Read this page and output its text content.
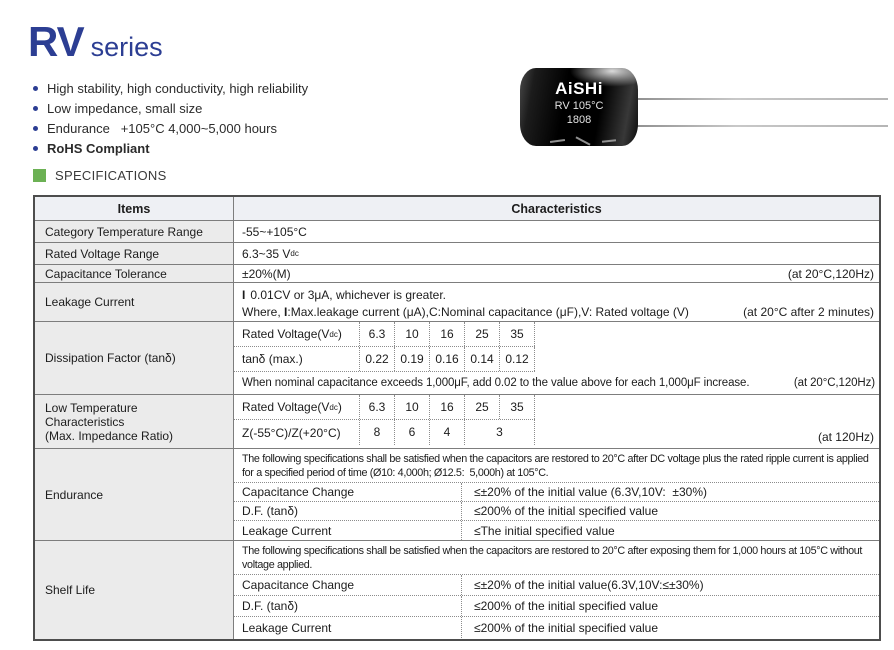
RV series
High stability, high conductivity, high reliability
Low impedance, small size
Endurance   +105°C 4,000~5,000 hours
RoHS Compliant
AiSHi
RV 105°C
1808
SPECIFICATIONS
Items	Characteristics
Category Temperature Range	-55~+105°C
Rated Voltage Range	6.3~35 V dc
Capacitance Tolerance	±20%(M)	(at 20°C,120Hz)
Leakage Current	I 0.01CV or 3μA, whichever is greater.
Where, I:Max.leakage current (μA),C:Nominal capacitance (μF),V: Rated voltage (V)	(at 20°C after 2 minutes)
Dissipation Factor (tanδ)
Rated Voltage(V dc )	6.3	10	16	25	35
tanδ (max.)	0.22 0.19 0.16 0.14 0.12
When nominal capacitance exceeds 1,000μF, add 0.02 to the value above for each 1,000μF increase.	(at 20°C,120Hz)
Low Temperature
Characteristics
(Max. Impedance Ratio)
Rated Voltage(V dc )	6.3	10	16	25	35
Z(-55°C)/Z(+20°C)	8	6	4	3	(at 120Hz)
Endurance
The following specifications shall be satisfied when the capacitors are restored to 20°C after DC voltage plus the rated ripple current is applied for a specified period of time (Ø10: 4,000h; Ø12.5:  5,000h) at 105°C.
Capacitance Change	≤±20% of the initial value (6.3V,10V:  ±30%)
D.F. (tanδ)	≤200% of the initial specified value
Leakage Current	≤The initial specified value
Shelf Life
The following specifications shall be satisfied when the capacitors are restored to 20°C after exposing them for 1,000 hours at 105°C without voltage applied.
Capacitance Change	≤±20% of the initial value(6.3V,10V:≤±30%)
D.F. (tanδ)	≤200% of the initial specified value
Leakage Current	≤200% of the initial specified value
